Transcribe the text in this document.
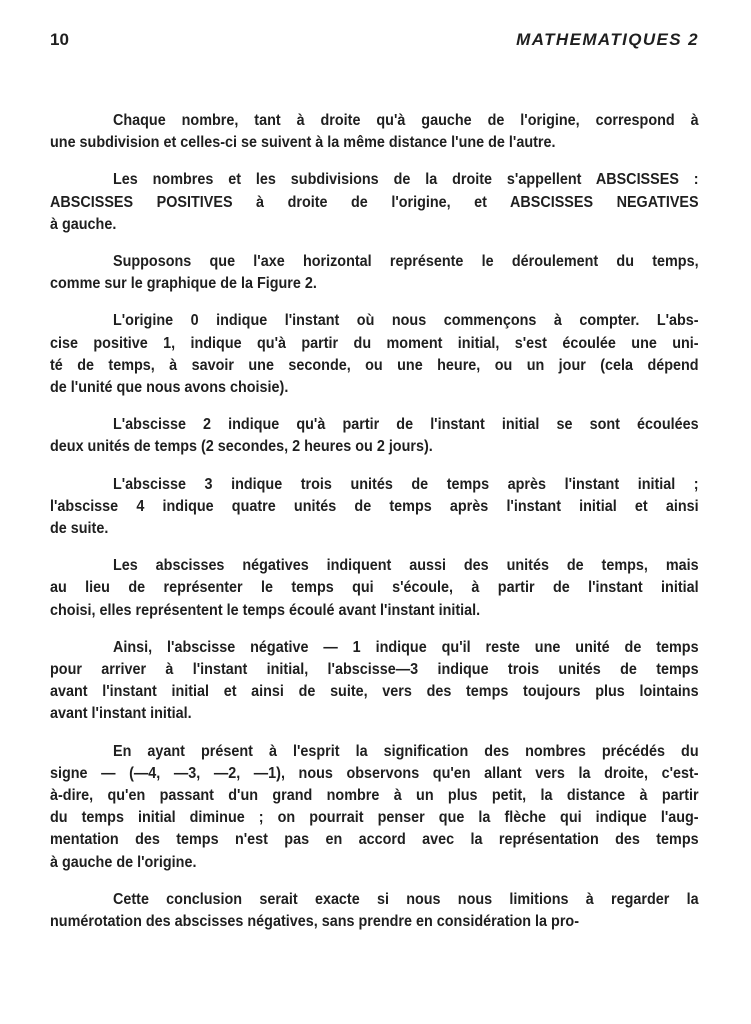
10	MATHEMATIQUES 2

Chaque nombre, tant à droite qu'à gauche de l'origine, correspond à
une subdivision et celles-ci se suivent à la même distance l'une de l'autre.

Les nombres et les subdivisions de la droite s'appellent ABSCISSES :
ABSCISSES POSITIVES à droite de l'origine, et ABSCISSES NEGATIVES
à gauche.

Supposons que l'axe horizontal représente le déroulement du temps,
comme sur le graphique de la Figure 2.

L'origine 0 indique l'instant où nous commençons à compter. L'abs-
cise positive 1, indique qu'à partir du moment initial, s'est écoulée une uni-
té de temps, à savoir une seconde, ou une heure, ou un jour (cela dépend
de l'unité que nous avons choisie).

L'abscisse 2 indique qu'à partir de l'instant initial se sont écoulées
deux unités de temps (2 secondes, 2 heures ou 2 jours).

L'abscisse 3 indique trois unités de temps après l'instant initial ;
l'abscisse 4 indique quatre unités de temps après l'instant initial et ainsi
de suite.

Les abscisses négatives indiquent aussi des unités de temps, mais
au lieu de représenter le temps qui s'écoule, à partir de l'instant initial
choisi, elles représentent le temps écoulé avant l'instant initial.

Ainsi, l'abscisse négative — 1 indique qu'il reste une unité de temps
pour arriver à l'instant initial, l'abscisse—3 indique trois unités de temps
avant l'instant initial et ainsi de suite, vers des temps toujours plus lointains
avant l'instant initial.

En ayant présent à l'esprit la signification des nombres précédés du
signe — (—4, —3, —2, —1), nous observons qu'en allant vers la droite, c'est-
à-dire, qu'en passant d'un grand nombre à un plus petit, la distance à partir
du temps initial diminue ; on pourrait penser que la flèche qui indique l'aug-
mentation des temps n'est pas en accord avec la représentation des temps
à gauche de l'origine.

Cette conclusion serait exacte si nous nous limitions à regarder la
numérotation des abscisses négatives, sans prendre en considération la pro-
